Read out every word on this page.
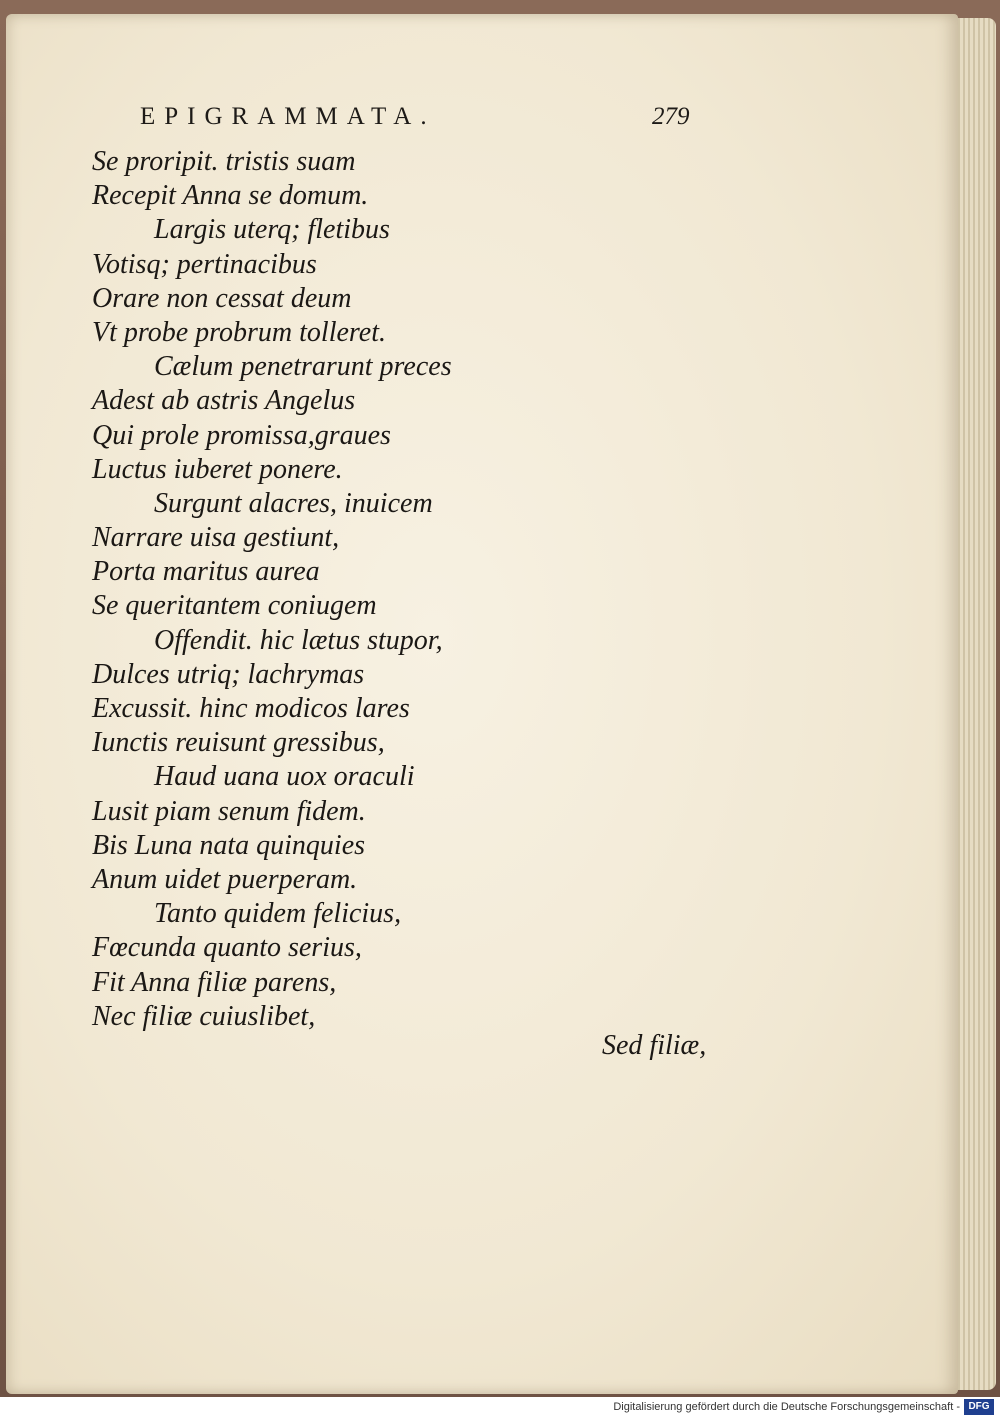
EPIGRAMMATA.	279
Se proripit. tristis suam
Recepit Anna se domum.
Largis uterq; fletibus
Votisq; pertinacibus
Orare non cessat deum
Vt probe probrum tolleret.
Cælum penetrarunt preces
Adest ab astris Angelus
Qui prole promissa,graues
Luctus iuberet ponere.
Surgunt alacres, inuicem
Narrare uisa gestiunt,
Porta maritus aurea
Se queritantem coniugem
Offendit. hic lætus stupor,
Dulces utriq; lachrymas
Excussit. hinc modicos lares
Iunctis reuisunt gressibus,
Haud uana uox oraculi
Lusit piam senum fidem.
Bis Luna nata quinquies
Anum uidet puerperam.
Tanto quidem felicius,
Fœcunda quanto serius,
Fit Anna filiæ parens,
Nec filiæ cuiuslibet,
Sed filiæ,
Digitalisierung gefördert durch die Deutsche Forschungsgemeinschaft - DFG
